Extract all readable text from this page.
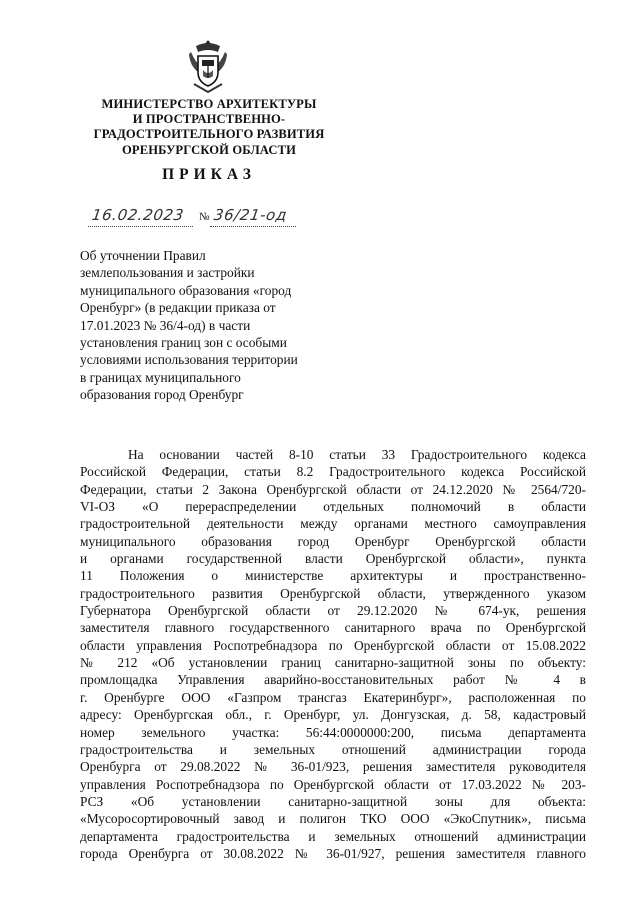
МИНИСТЕРСТВО АРХИТЕКТУРЫ
И ПРОСТРАНСТВЕННО-
ГРАДОСТРОИТЕЛЬНОГО РАЗВИТИЯ
ОРЕНБУРГСКОЙ ОБЛАСТИ
ПРИКАЗ
16.02.2023 № 36/21-од
Об уточнении Правил
землепользования и застройки
муниципального образования «город
Оренбург» (в редакции приказа от
17.01.2023 № 36/4-од) в части
установления границ зон с особыми
условиями использования территории
в границах муниципального
образования город Оренбург
На основании частей 8-10 статьи 33 Градостроительного кодекса
Российской Федерации, статьи 8.2 Градостроительного кодекса Российской
Федерации, статьи 2 Закона Оренбургской области от 24.12.2020 № 2564/720-
VI-ОЗ «О перераспределении отдельных полномочий в области
градостроительной деятельности между органами местного самоуправления
муниципального образования город Оренбург Оренбургской области
и органами государственной власти Оренбургской области», пункта
11 Положения о министерстве архитектуры и пространственно-
градостроительного развития Оренбургской области, утвержденного указом
Губернатора Оренбургской области от 29.12.2020 № 674-ук, решения
заместителя главного государственного санитарного врача по Оренбургской
области управления Роспотребнадзора по Оренбургской области от 15.08.2022
№ 212 «Об установлении границ санитарно-защитной зоны по объекту:
промлощадка Управления аварийно-восстановительных работ № 4 в
г. Оренбурге ООО «Газпром трансгаз Екатеринбург», расположенная по
адресу: Оренбургская обл., г. Оренбург, ул. Донгузская, д. 58, кадастровый
номер земельного участка: 56:44:0000000:200, письма департамента
градостроительства и земельных отношений администрации города
Оренбурга от 29.08.2022 № 36-01/923, решения заместителя руководителя
управления Роспотребнадзора по Оренбургской области от 17.03.2022 № 203-
РСЗ «Об установлении санитарно-защитной зоны для объекта:
«Мусоросортировочный завод и полигон ТКО ООО «ЭкоСпутник», письма
департамента градостроительства и земельных отношений администрации
города Оренбурга от 30.08.2022 № 36-01/927, решения заместителя главного
